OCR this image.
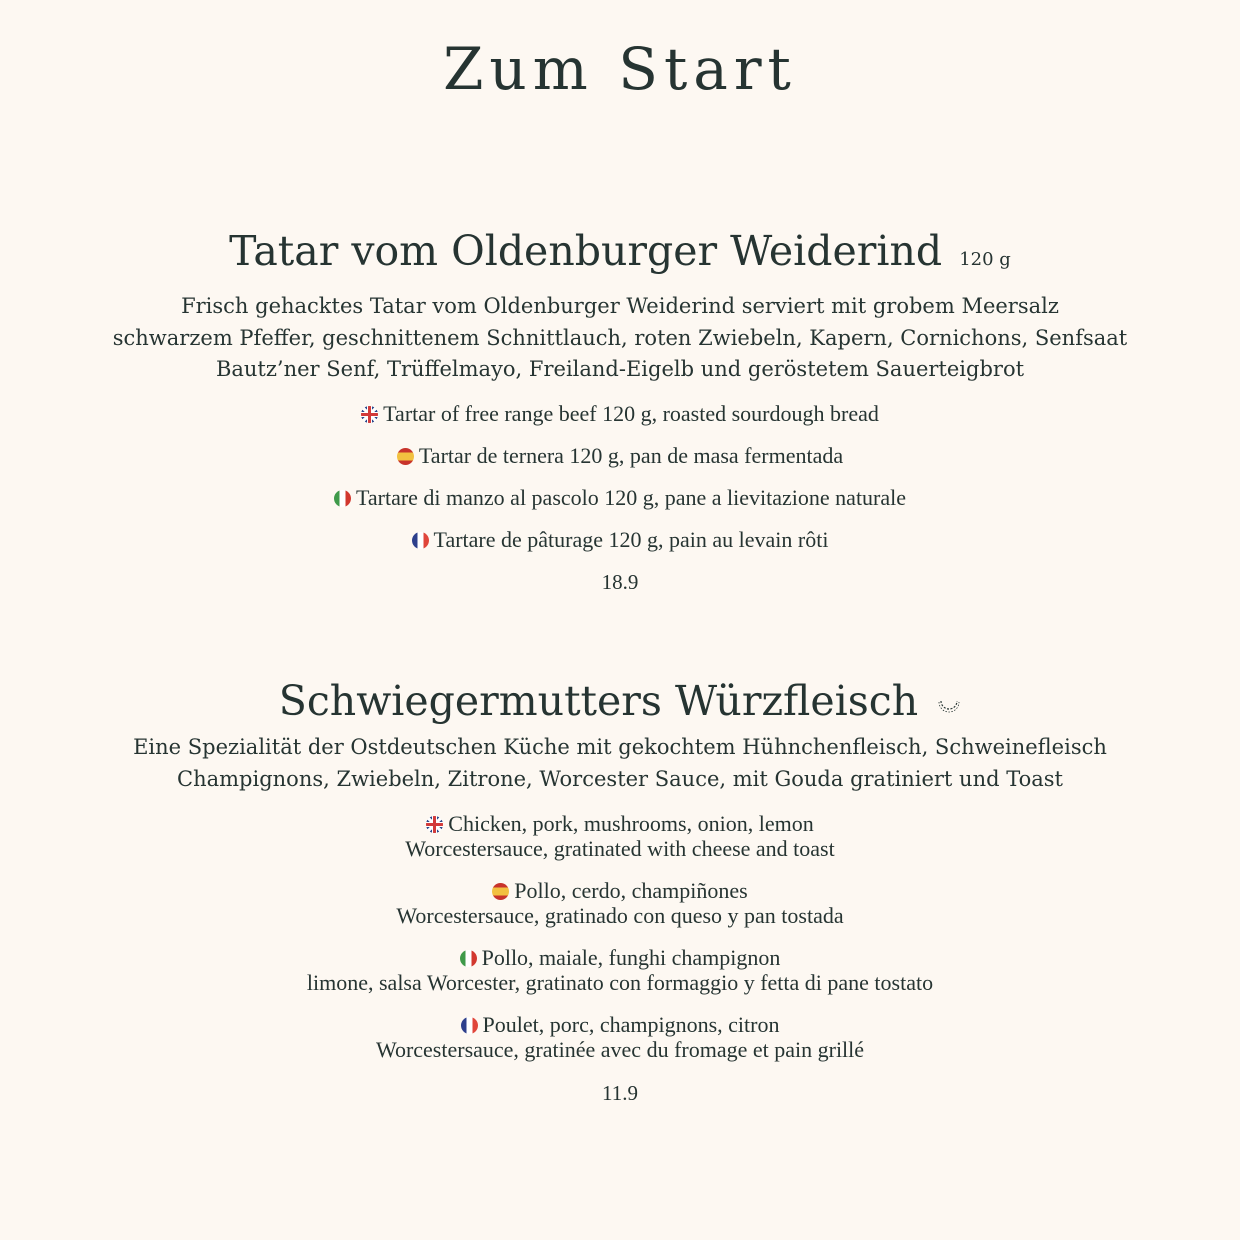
Zum Start
Tatar vom Oldenburger Weiderind 120 g

Frisch gehacktes Tatar vom Oldenburger Weiderind serviert mit grobem Meersalz
schwarzem Pfeffer, geschnittenem Schnittlauch, roten Zwiebeln, Kapern, Cornichons, Senfsaat
Bautz’ner Senf, Trüffelmayo, Freiland-Eigelb und geröstetem Sauerteigbrot

Tartar of free range beef 120 g, roasted sourdough bread
Tartar de ternera 120 g, pan de masa fermentada
Tartare di manzo al pascolo 120 g, pane a lievitazione naturale
Tartare de pâturage 120 g, pain au levain rôti
18.9
Schwiegermutters Würzfleisch

Eine Spezialität der Ostdeutschen Küche mit gekochtem Hühnchenfleisch, Schweinefleisch
Champignons, Zwiebeln, Zitrone, Worcester Sauce, mit Gouda gratiniert und Toast

Chicken, pork, mushrooms, onion, lemon
Worcestersauce, gratinated with cheese and toast
Pollo, cerdo, champiñones
Worcestersauce, gratinado con queso y pan tostada
Pollo, maiale, funghi champignon
limone, salsa Worcester, gratinato con formaggio y fetta di pane tostato
Poulet, porc, champignons, citron
Worcestersauce, gratinée avec du fromage et pain grillé
11.9
